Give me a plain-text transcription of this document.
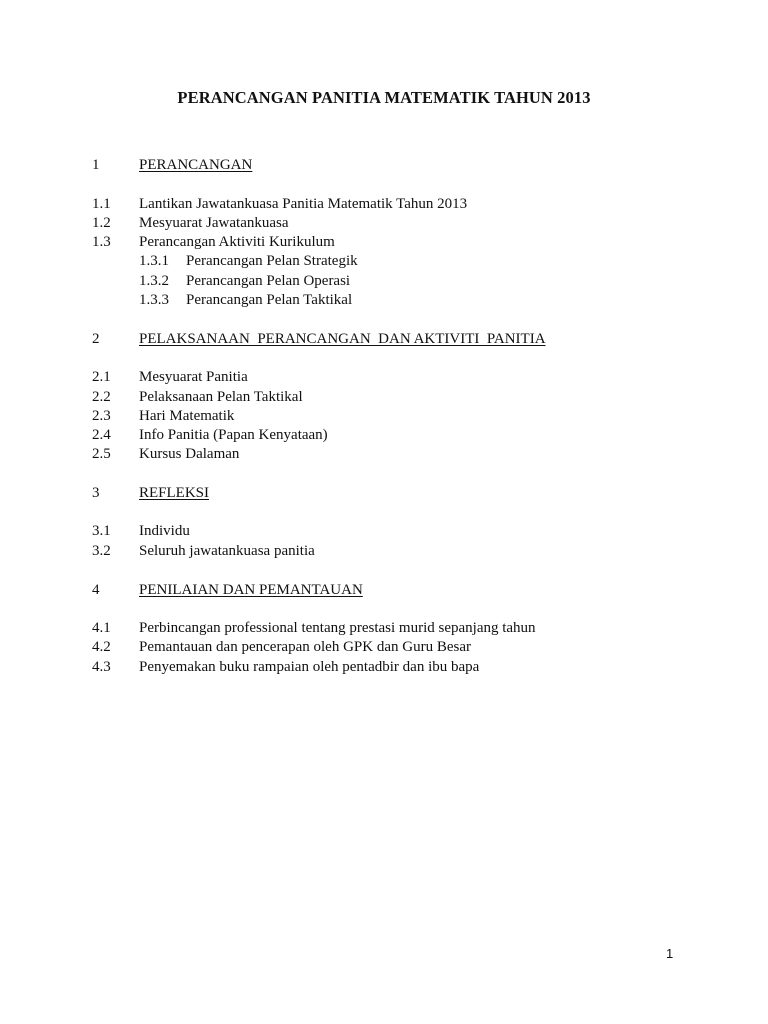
PERANCANGAN PANITIA MATEMATIK TAHUN 2013
1	PERANCANGAN
1.1 Lantikan Jawatankuasa Panitia Matematik Tahun 2013
1.2 Mesyuarat Jawatankuasa
1.3 Perancangan Aktiviti Kurikulum
1.3.1 Perancangan Pelan Strategik
1.3.2 Perancangan Pelan Operasi
1.3.3 Perancangan Pelan Taktikal
2	PELAKSANAAN  PERANCANGAN  DAN AKTIVITI  PANITIA
2.1 Mesyuarat Panitia
2.2 Pelaksanaan Pelan Taktikal
2.3 Hari Matematik
2.4 Info Panitia (Papan Kenyataan)
2.5 Kursus Dalaman
3	REFLEKSI
3.1 Individu
3.2 Seluruh jawatankuasa panitia
4	PENILAIAN DAN PEMANTAUAN
4.1 Perbincangan professional tentang prestasi murid sepanjang tahun
4.2 Pemantauan dan pencerapan oleh GPK dan Guru Besar
4.3 Penyemakan buku rampaian oleh pentadbir dan ibu bapa
1
